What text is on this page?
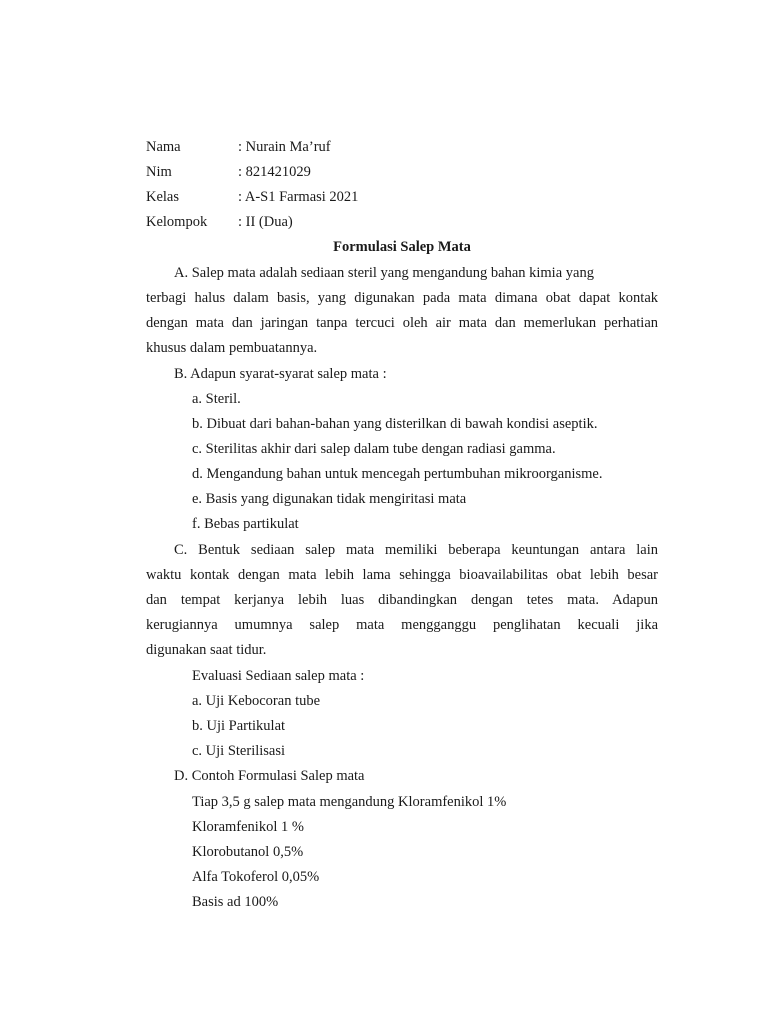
Nama	: Nurain Ma’ruf
Nim	: 821421029
Kelas	: A-S1 Farmasi 2021
Kelompok : II (Dua)
Formulasi Salep Mata
A. Salep mata adalah sediaan steril yang mengandung bahan kimia yang
terbagi halus dalam basis, yang digunakan pada mata dimana obat dapat kontak
dengan mata dan jaringan tanpa tercuci oleh air mata dan memerlukan perhatian
khusus dalam pembuatannya.
B. Adapun syarat-syarat salep mata :
a. Steril.
b. Dibuat dari bahan-bahan yang disterilkan di bawah kondisi aseptik.
c. Sterilitas akhir dari salep dalam tube dengan radiasi gamma.
d. Mengandung bahan untuk mencegah pertumbuhan mikroorganisme.
e. Basis yang digunakan tidak mengiritasi mata
f. Bebas partikulat
C. Bentuk sediaan salep mata memiliki beberapa keuntungan antara lain
waktu kontak dengan mata lebih lama sehingga bioavailabilitas obat lebih besar
dan tempat kerjanya lebih luas dibandingkan dengan tetes mata. Adapun
kerugiannya umumnya salep mata mengganggu penglihatan kecuali jika
digunakan saat tidur.
Evaluasi Sediaan salep mata :
a. Uji Kebocoran tube
b. Uji Partikulat
c. Uji Sterilisasi
D. Contoh Formulasi Salep mata
Tiap 3,5 g salep mata mengandung Kloramfenikol 1%
Kloramfenikol 1 %
Klorobutanol 0,5%
Alfa Tokoferol 0,05%
Basis ad 100%
